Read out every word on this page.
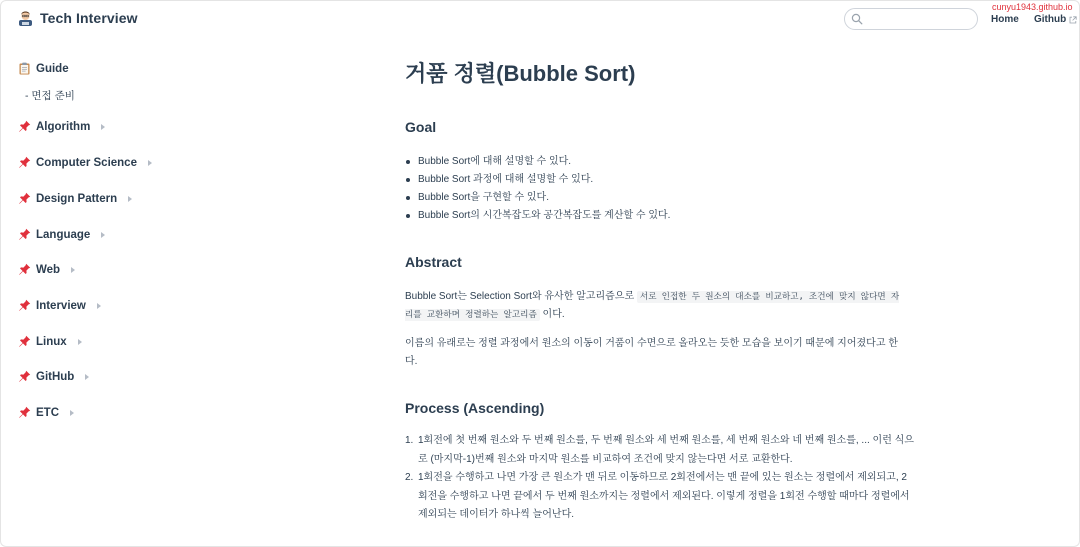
Tech Interview	Home Github
cunyu1943.github.io
Guide
- 면접 준비
Algorithm
Computer Science
Design Pattern
Language
Web
Interview
Linux
GitHub
ETC
거품 정렬(Bubble Sort)
Goal
Bubble Sort에 대해 설명할 수 있다.
Bubble Sort 과정에 대해 설명할 수 있다.
Bubble Sort을 구현할 수 있다.
Bubble Sort의 시간복잡도와 공간복잡도를 계산할 수 있다.
Abstract

Bubble Sort는 Selection Sort와 유사한 알고리즘으로 서로 인접한 두 원소의 대소를 비교하고, 조건에 맞지 않다면 자리를 교환하며 정렬하는 알고리즘 이다.

이름의 유래로는 정렬 과정에서 원소의 이동이 거품이 수면으로 올라오는 듯한 모습을 보이기 때문에 지어졌다고 한다.

Process (Ascending)
1. 1회전에 첫 번째 원소와 두 번째 원소를, 두 번째 원소와 세 번째 원소를, 세 번째 원소와 네 번째 원소를, ... 이런 식으로 (마지막-1)번째 원소와 마지막 원소를 비교하여 조건에 맞지 않는다면 서로 교환한다.
2. 1회전을 수행하고 나면 가장 큰 원소가 맨 뒤로 이동하므로 2회전에서는 맨 끝에 있는 원소는 정렬에서 제외되고, 2회전을 수행하고 나면 끝에서 두 번째 원소까지는 정렬에서 제외된다. 이렇게 정렬을 1회전 수행할 때마다 정렬에서 제외되는 데이터가 하나씩 늘어난다.
